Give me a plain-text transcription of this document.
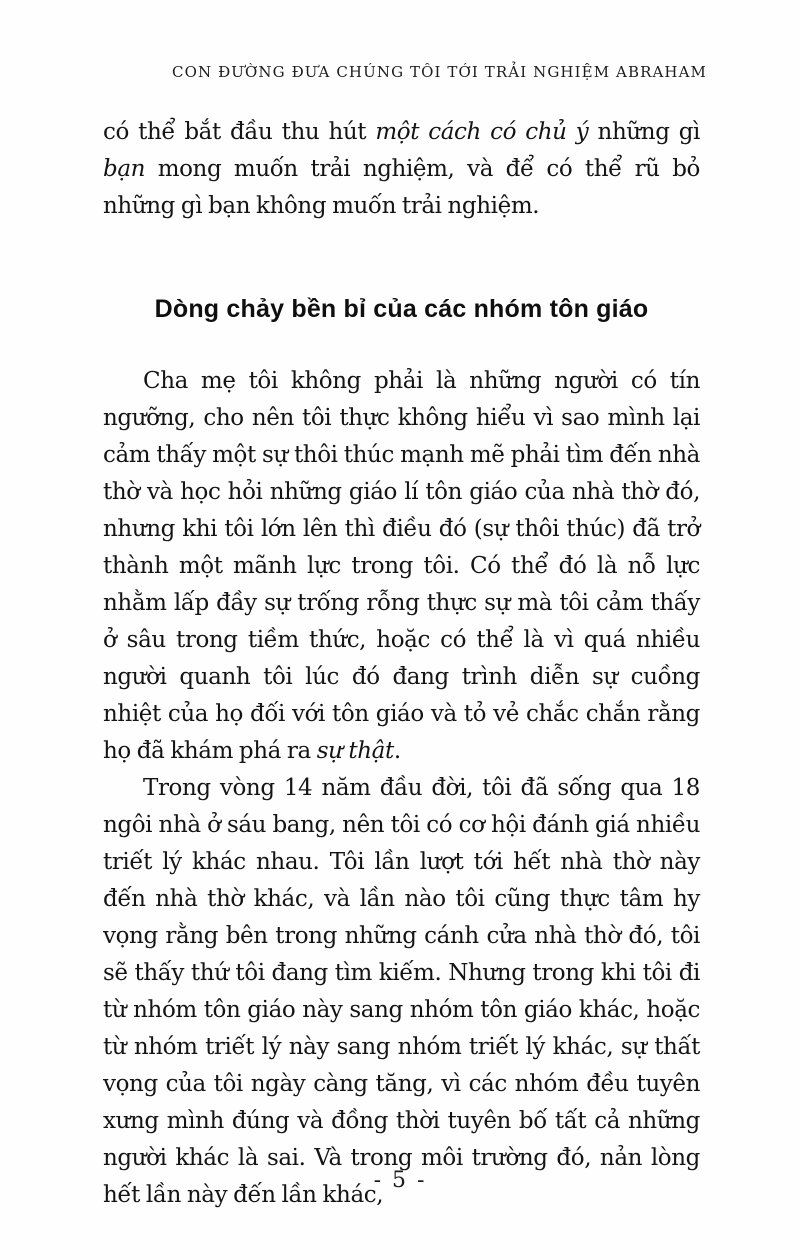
CON ĐƯỜNG ĐƯA CHÚNG TÔI TỚI TRẢI NGHIỆM ABRAHAM

có thể bắt đầu thu hút một cách có chủ ý những gì bạn mong muốn trải nghiệm, và để có thể rũ bỏ những gì bạn không muốn trải nghiệm.

Dòng chảy bền bỉ của các nhóm tôn giáo

Cha mẹ tôi không phải là những người có tín ngưỡng, cho nên tôi thực không hiểu vì sao mình lại cảm thấy một sự thôi thúc mạnh mẽ phải tìm đến nhà thờ và học hỏi những giáo lí tôn giáo của nhà thờ đó, nhưng khi tôi lớn lên thì điều đó (sự thôi thúc) đã trở thành một mãnh lực trong tôi. Có thể đó là nỗ lực nhằm lấp đầy sự trống rỗng thực sự mà tôi cảm thấy ở sâu trong tiềm thức, hoặc có thể là vì quá nhiều người quanh tôi lúc đó đang trình diễn sự cuồng nhiệt của họ đối với tôn giáo và tỏ vẻ chắc chắn rằng họ đã khám phá ra sự thật.

Trong vòng 14 năm đầu đời, tôi đã sống qua 18 ngôi nhà ở sáu bang, nên tôi có cơ hội đánh giá nhiều triết lý khác nhau. Tôi lần lượt tới hết nhà thờ này đến nhà thờ khác, và lần nào tôi cũng thực tâm hy vọng rằng bên trong những cánh cửa nhà thờ đó, tôi sẽ thấy thứ tôi đang tìm kiếm. Nhưng trong khi tôi đi từ nhóm tôn giáo này sang nhóm tôn giáo khác, hoặc từ nhóm triết lý này sang nhóm triết lý khác, sự thất vọng của tôi ngày càng tăng, vì các nhóm đều tuyên xưng mình đúng và đồng thời tuyên bố tất cả những người khác là sai. Và trong môi trường đó, nản lòng hết lần này đến lần khác,

- 5 -
